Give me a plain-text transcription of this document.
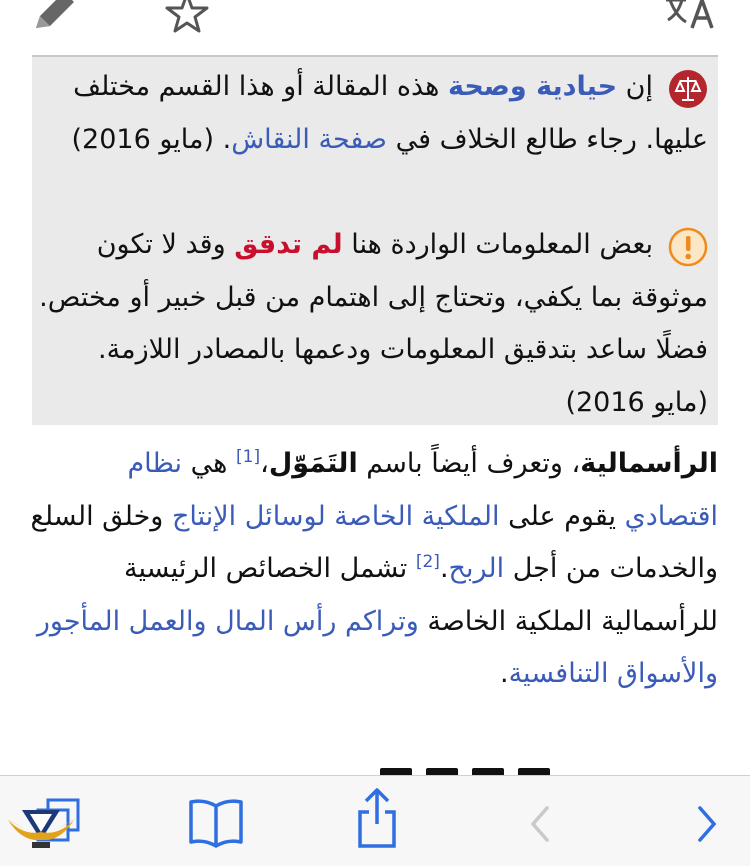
إن حيادية وصحة هذه المقالة أو هذا القسم مختلف عليها. رجاء طالع الخلاف في صفحة النقاش. (مايو 2016)
بعض المعلومات الواردة هنا لم تدقق وقد لا تكون موثوقة بما يكفي، وتحتاج إلى اهتمام من قبل خبير أو مختص. فضلًا ساعد بتدقيق المعلومات ودعمها بالمصادر اللازمة. (مايو 2016)
الرأسمالية، وتعرف أيضاً باسم التَمَوّل،[1] هي نظام اقتصادي يقوم على الملكية الخاصة لوسائل الإنتاج وخلق السلع والخدمات من أجل الربح.[2] تشمل الخصائص الرئيسية للرأسمالية الملكية الخاصة وتراكم رأس المال والعمل المأجور والأسواق التنافسية.
